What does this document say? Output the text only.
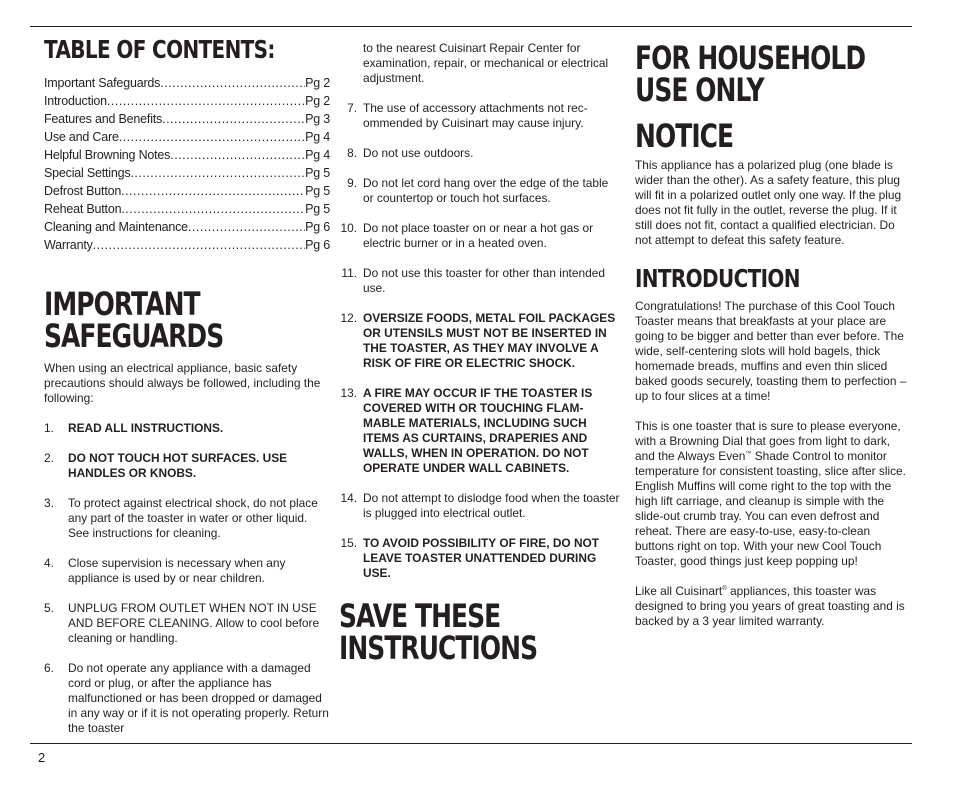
TABLE OF CONTENTS:
Important Safeguards .....	Pg 2
Introduction .....	Pg 2
Features and Benefits .....	Pg 3
Use and Care .....	Pg 4
Helpful Browning Notes .....	Pg 4
Special Settings .....	Pg 5
Defrost Button .....	Pg 5
Reheat Button .....	Pg 5
Cleaning and Maintenance .....	Pg 6
Warranty .....	Pg 6
IMPORTANT
SAFEGUARDS

When using an electrical appliance, basic safety precautions should always be followed, including the following:

1.	READ ALL INSTRUCTIONS.
2.	DO NOT TOUCH HOT SURFACES. USE HANDLES OR KNOBS.
3.	To protect against electrical shock, do not place any part of the toaster in water or other liquid. See instructions for cleaning.
4.	Close supervision is necessary when any appliance is used by or near children.
5.	UNPLUG FROM OUTLET WHEN NOT IN USE AND BEFORE CLEANING. Allow to cool before cleaning or handling.
6.	Do not operate any appliance with a damaged cord or plug, or after the appliance has malfunctioned or has been dropped or damaged in any way or if it is not operating properly. Return the toaster

to the nearest Cuisinart Repair Center for examination, repair, or mechanical or electrical adjustment.

7. The use of accessory attachments not rec-ommended by Cuisinart may cause injury.
8. Do not use outdoors.
9. Do not let cord hang over the edge of the table or countertop or touch hot surfaces.
10. Do not place toaster on or near a hot gas or electric burner or in a heated oven.
11. Do not use this toaster for other than intended use.
12. OVERSIZE FOODS, METAL FOIL PACKAGES OR UTENSILS MUST NOT BE INSERTED IN THE TOASTER, AS THEY MAY INVOLVE A RISK OF FIRE OR ELECTRIC SHOCK.
13. A FIRE MAY OCCUR IF THE TOASTER IS COVERED WITH OR TOUCHING FLAM-MABLE MATERIALS, INCLUDING SUCH ITEMS AS CURTAINS, DRAPERIES AND WALLS, WHEN IN OPERATION. DO NOT OPERATE UNDER WALL CABINETS.
14. Do not attempt to dislodge food when the toaster is plugged into electrical outlet.
15. TO AVOID POSSIBILITY OF FIRE, DO NOT LEAVE TOASTER UNATTENDED DURING USE.
SAVE THESE
INSTRUCTIONS
FOR HOUSEHOLD
USE ONLY
NOTICE

This appliance has a polarized plug (one blade is wider than the other). As a safety feature, this plug will fit in a polarized outlet only one way. If the plug does not fit fully in the outlet, reverse the plug. If it still does not fit, contact a qualified electrician. Do not attempt to defeat this safety feature.

INTRODUCTION

Congratulations! The purchase of this Cool Touch Toaster means that breakfasts at your place are going to be bigger and better than ever before. The wide, self-centering slots will hold bagels, thick homemade breads, muffins and even thin sliced baked goods securely, toasting them to perfection – up to four slices at a time!

This is one toaster that is sure to please everyone, with a Browning Dial that goes from light to dark, and the Always Even™ Shade Control to monitor temperature for consistent toasting, slice after slice. English Muffins will come right to the top with the high lift carriage, and cleanup is simple with the slide-out crumb tray. You can even defrost and reheat. There are easy-to-use, easy-to-clean buttons right on top. With your new Cool Touch Toaster, good things just keep popping up!

Like all Cuisinart® appliances, this toaster was designed to bring you years of great toasting and is backed by a 3 year limited warranty.

2
